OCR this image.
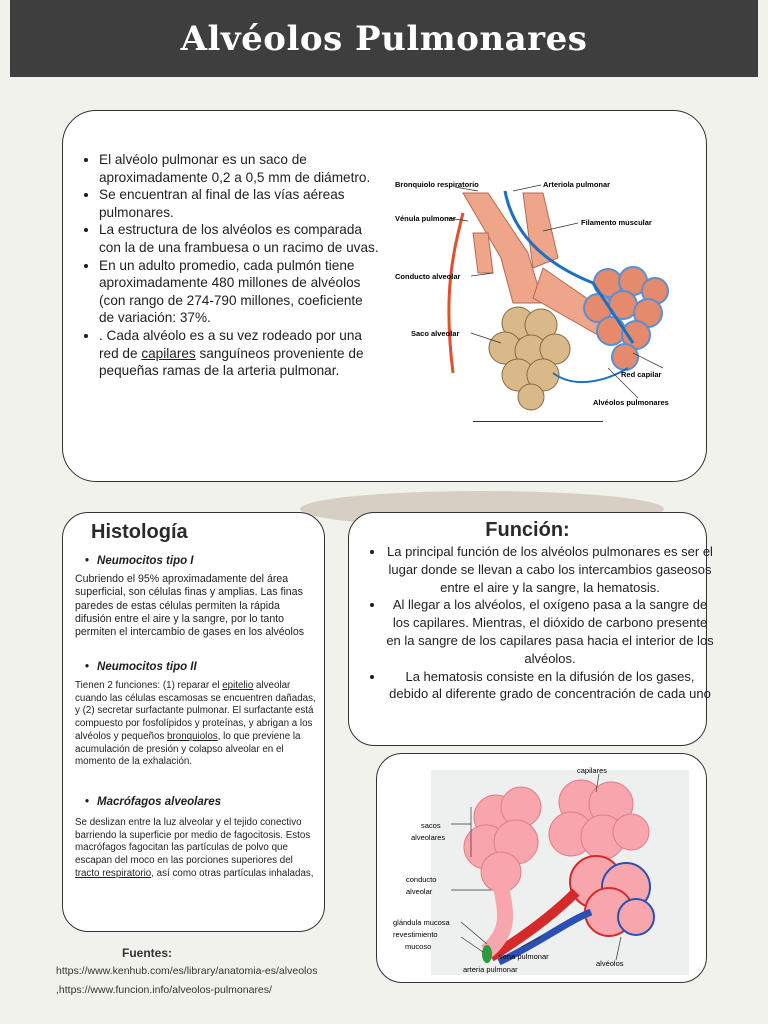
Alvéolos Pulmonares
• El alvéolo pulmonar es un saco de aproximadamente 0,2 a 0,5 mm de diámetro.
• Se encuentran al final de las vías aéreas pulmonares.
• La estructura de los alvéolos es comparada con la de una frambuesa o un racimo de uvas.
• En un adulto promedio, cada pulmón tiene aproximadamente 480 millones de alvéolos (con rango de 274-790 millones, coeficiente de variación: 37%.
• . Cada alvéolo es a su vez rodeado por una red de capilares sanguíneos proveniente de pequeñas ramas de la arteria pulmonar.
Bronquiolo respiratorio	Arteriola pulmonar
Vénula pulmonar	Filamento muscular
Conducto alveolar
Saco alveolar
Red capilar
Alvéolos pulmonares
Histología
• Neumocitos tipo I
Cubriendo el 95% aproximadamente del área superficial, son células finas y amplias. Las finas paredes de estas células permiten la rápida difusión entre el aire y la sangre, por lo tanto permiten el intercambio de gases en los alvéolos
• Neumocitos tipo II
Tienen 2 funciones: (1) reparar el epitelio alveolar cuando las células escamosas se encuentren dañadas, y (2) secretar surfactante pulmonar. El surfactante está compuesto por fosfolípidos y proteínas, y abrigan a los alvéolos y pequeños bronquiolos, lo que previene la acumulación de presión y colapso alveolar en el momento de la exhalación.
• Macrófagos alveolares
Se deslizan entre la luz alveolar y el tejido conectivo barriendo la superficie por medio de fagocitosis. Estos macrófagos fagocitan las partículas de polvo que escapan del moco en las porciones superiores del tracto respiratorio, así como otras partículas inhaladas,
Función:
• La principal función de los alvéolos pulmonares es ser el lugar donde se llevan a cabo los intercambios gaseosos entre el aire y la sangre, la hematosis.
• Al llegar a los alvéolos, el oxígeno pasa a la sangre de los capilares. Mientras, el dióxido de carbono presente en la sangre de los capilares pasa hacia el interior de los alvéolos.
• La hematosis consiste en la difusión de los gases, debido al diferente grado de concentración de cada uno
capilares
sacos
alveolares
conducto
alveolar
glándula mucosa
revestimiento
mucoso
vena pulmonar
arteria pulmonar
alvéolos
Fuentes:
https://www.kenhub.com/es/library/anatomia-es/alveolos
,https://www.funcion.info/alveolos-pulmonares/
